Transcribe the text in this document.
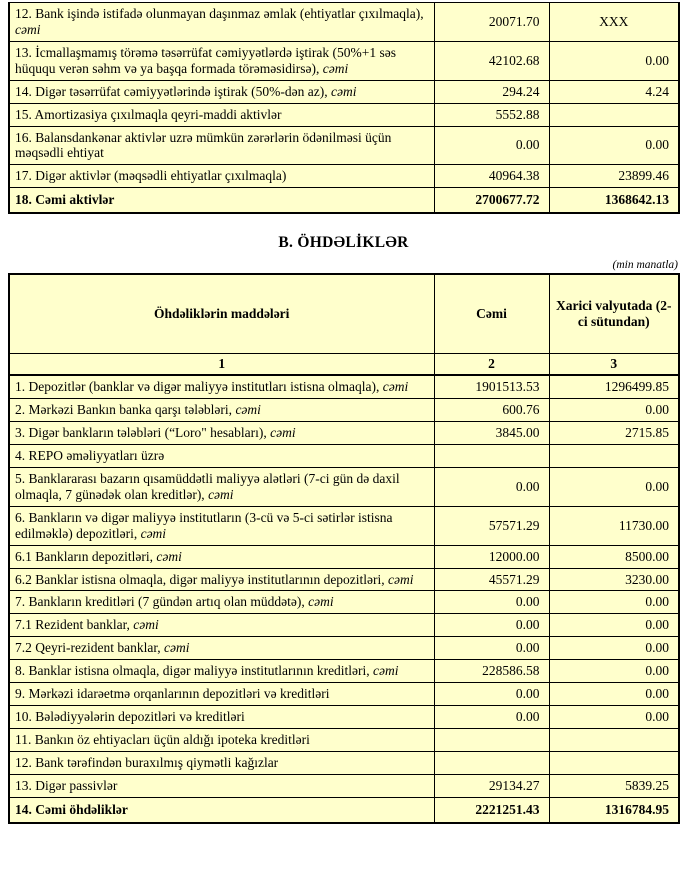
12. Bank işində istifadə olunmayan daşınmaz əmlak (ehtiyatlar çıxılmaqla), cəmi	20071.70	XXX
13. İcmallaşmamış törəmə təsərrüfat cəmiyyətlərdə iştirak (50%+1 səs hüququ verən səhm və ya başqa formada törəməsidirsə), cəmi	42102.68	0.00
14. Digər təsərrüfat cəmiyyətlərində iştirak (50%-dən az), cəmi	294.24	4.24
15. Amortizasiya çıxılmaqla qeyri-maddi aktivlər	5552.88	
16. Balansdankənar aktivlər uzrə mümkün zərərlərin ödənilməsi üçün məqsədli ehtiyat	0.00	0.00
17. Digər aktivlər (məqsədli ehtiyatlar çıxılmaqla)	40964.38	23899.46
18. Cəmi aktivlər	2700677.72	1368642.13
B. ÖHDƏLİKLƏR
(min manatla)
Öhdəliklərin maddələri	Cəmi	Xarici valyutada (2-ci sütundan)
1	2	3
1. Depozitlər (banklar və digər maliyyə institutları istisna olmaqla), cəmi	1901513.53	1296499.85
2. Mərkəzi Bankın banka qarşı tələbləri, cəmi	600.76	0.00
3. Digər bankların tələbləri (“Loro" hesabları), cəmi	3845.00	2715.85
4. REPO əməliyyatları üzrə		
5. Banklararası bazarın qısamüddətli maliyyə alətləri (7-ci gün də daxil olmaqla, 7 günədək olan kreditlər), cəmi	0.00	0.00
6. Bankların və digər maliyyə institutların (3-cü və 5-ci sətirlər istisna edilməklə) depozitləri, cəmi	57571.29	11730.00
6.1 Bankların depozitləri, cəmi	12000.00	8500.00
6.2 Banklar istisna olmaqla, digər maliyyə institutlarının depozitləri, cəmi	45571.29	3230.00
7. Bankların kreditləri (7 gündən artıq olan müddətə), cəmi	0.00	0.00
7.1 Rezident banklar, cəmi	0.00	0.00
7.2 Qeyri-rezident banklar, cəmi	0.00	0.00
8. Banklar istisna olmaqla, digər maliyyə institutlarının kreditləri, cəmi	228586.58	0.00
9. Mərkəzi idarəetmə orqanlarının depozitləri və kreditləri	0.00	0.00
10. Bələdiyyələrin depozitləri və kreditləri	0.00	0.00
11. Bankın öz ehtiyacları üçün aldığı ipoteka kreditləri		
12. Bank tərəfindən buraxılmış qiymətli kağızlar		
13. Digər passivlər	29134.27	5839.25
14. Cəmi öhdəliklər	2221251.43	1316784.95
